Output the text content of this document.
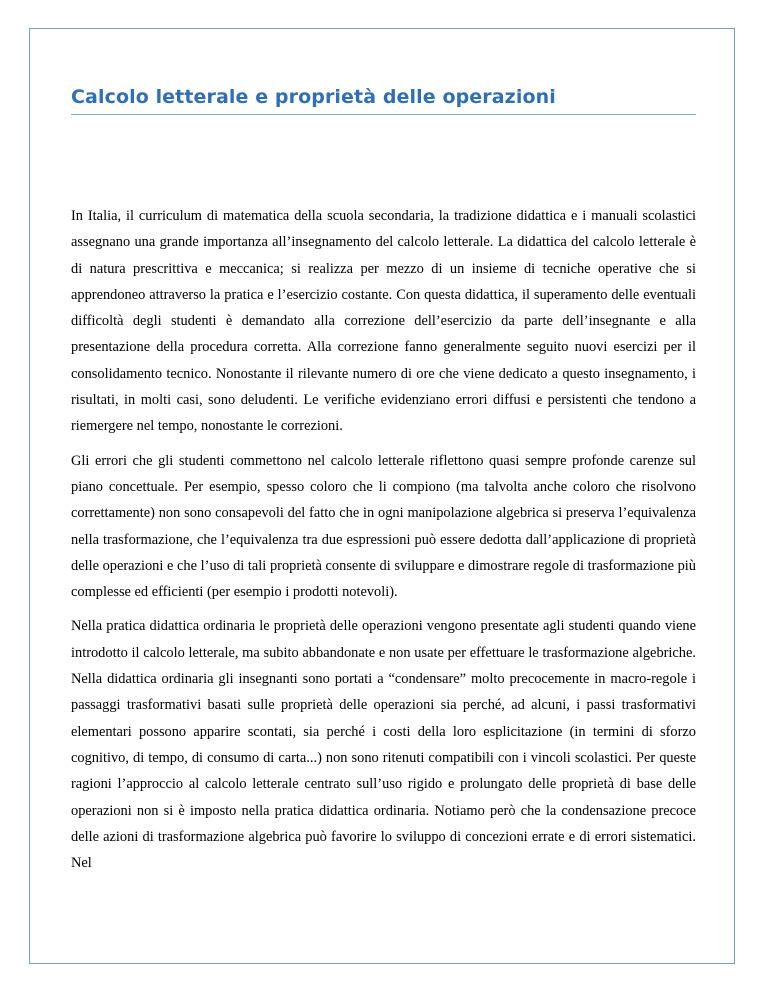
Calcolo letterale e proprietà delle operazioni

In Italia, il curriculum di matematica della scuola secondaria, la tradizione didattica e i manuali scolastici assegnano una grande importanza all’insegnamento del calcolo letterale. La didattica del calcolo letterale è di natura prescrittiva e meccanica; si realizza per mezzo di un insieme di tecniche operative che si apprendoneo attraverso la pratica e l’esercizio costante. Con questa didattica, il superamento delle eventuali difficoltà degli studenti è demandato alla correzione dell’esercizio da parte dell’insegnante e alla presentazione della procedura corretta. Alla correzione fanno generalmente seguito nuovi esercizi per il consolidamento tecnico. Nonostante il rilevante numero di ore che viene dedicato a questo insegnamento, i risultati, in molti casi, sono deludenti. Le verifiche evidenziano errori diffusi e persistenti che tendono a riemergere nel tempo, nonostante le correzioni.

Gli errori che gli studenti commettono nel calcolo letterale riflettono quasi sempre profonde carenze sul piano concettuale. Per esempio, spesso coloro che li compiono (ma talvolta anche coloro che risolvono correttamente) non sono consapevoli del fatto che in ogni manipolazione algebrica si preserva l’equivalenza nella trasformazione, che l’equivalenza tra due espressioni può essere dedotta dall’applicazione di proprietà delle operazioni e che l’uso di tali proprietà consente di sviluppare e dimostrare regole di trasformazione più complesse ed efficienti (per esempio i prodotti notevoli).

Nella pratica didattica ordinaria le proprietà delle operazioni vengono presentate agli studenti quando viene introdotto il calcolo letterale, ma subito abbandonate e non usate per effettuare le trasformazione algebriche. Nella didattica ordinaria gli insegnanti sono portati a “condensare” molto precocemente in macro-regole i passaggi trasformativi basati sulle proprietà delle operazioni sia perché, ad alcuni, i passi trasformativi elementari possono apparire scontati, sia perché i costi della loro esplicitazione (in termini di sforzo cognitivo, di tempo, di consumo di carta...) non sono ritenuti compatibili con i vincoli scolastici. Per queste ragioni l’approccio al calcolo letterale centrato sull’uso rigido e prolungato delle proprietà di base delle operazioni non si è imposto nella pratica didattica ordinaria. Notiamo però che la condensazione precoce delle azioni di trasformazione algebrica può favorire lo sviluppo di concezioni errate e di errori sistematici. Nel
